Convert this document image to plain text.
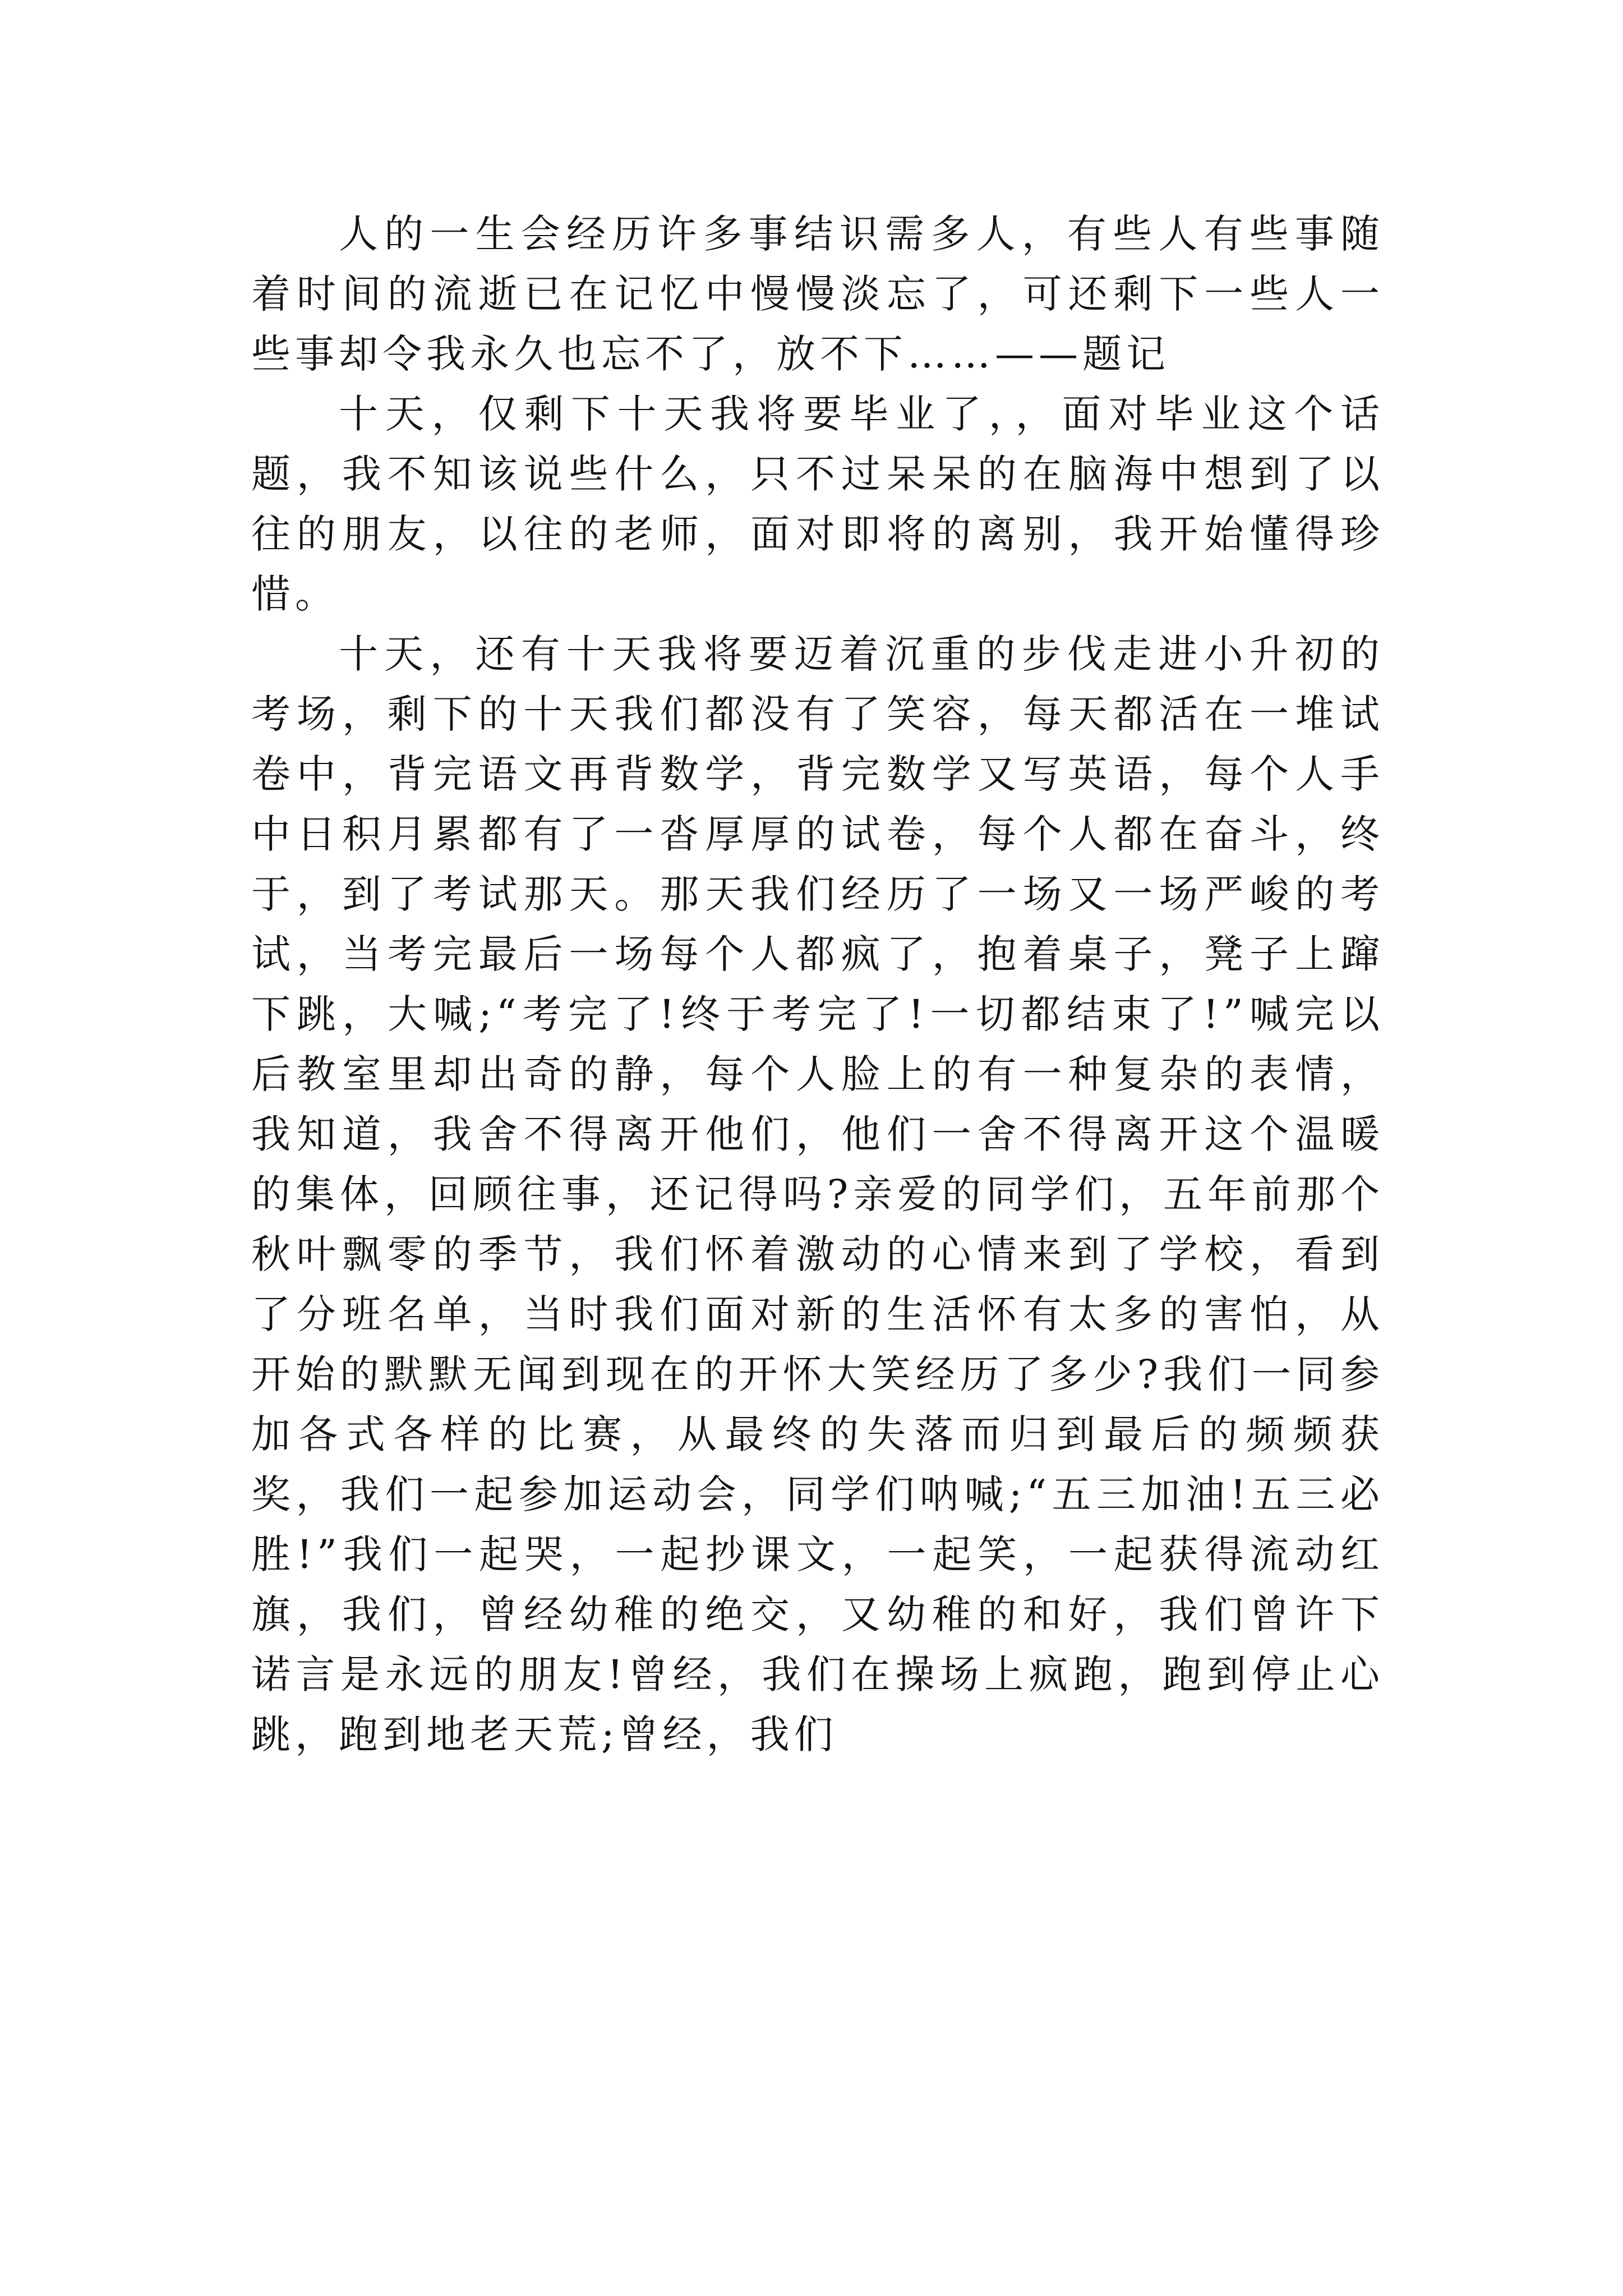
人的一生会经历许多事结识需多人，有些人有些事随着时间的流逝已在记忆中慢慢淡忘了，可还剩下一些人一些事却令我永久也忘不了，放不下……——题记

十天，仅剩下十天我将要毕业了，，面对毕业这个话题，我不知该说些什么，只不过呆呆的在脑海中想到了以往的朋友，以往的老师，面对即将的离别，我开始懂得珍惜。

十天，还有十天我将要迈着沉重的步伐走进小升初的考场，剩下的十天我们都没有了笑容，每天都活在一堆试卷中，背完语文再背数学，背完数学又写英语，每个人手中日积月累都有了一沓厚厚的试卷，每个人都在奋斗，终于，到了考试那天。那天我们经历了一场又一场严峻的考试，当考完最后一场每个人都疯了，抱着桌子，凳子上蹿下跳，大喊;“考完了!终于考完了!一切都结束了!”喊完以后教室里却出奇的静，每个人脸上的有一种复杂的表情，我知道，我舍不得离开他们，他们一舍不得离开这个温暖的集体，回顾往事，还记得吗?亲爱的同学们，五年前那个秋叶飘零的季节，我们怀着激动的心情来到了学校，看到了分班名单，当时我们面对新的生活怀有太多的害怕，从开始的默默无闻到现在的开怀大笑经历了多少?我们一同参加各式各样的比赛，从最终的失落而归到最后的频频获奖，我们一起参加运动会，同学们呐喊;“五三加油!五三必胜!”我们一起哭，一起抄课文，一起笑，一起获得流动红旗，我们，曾经幼稚的绝交，又幼稚的和好，我们曾许下诺言是永远的朋友!曾经，我们在操场上疯跑，跑到停止心跳，跑到地老天荒;曾经，我们
